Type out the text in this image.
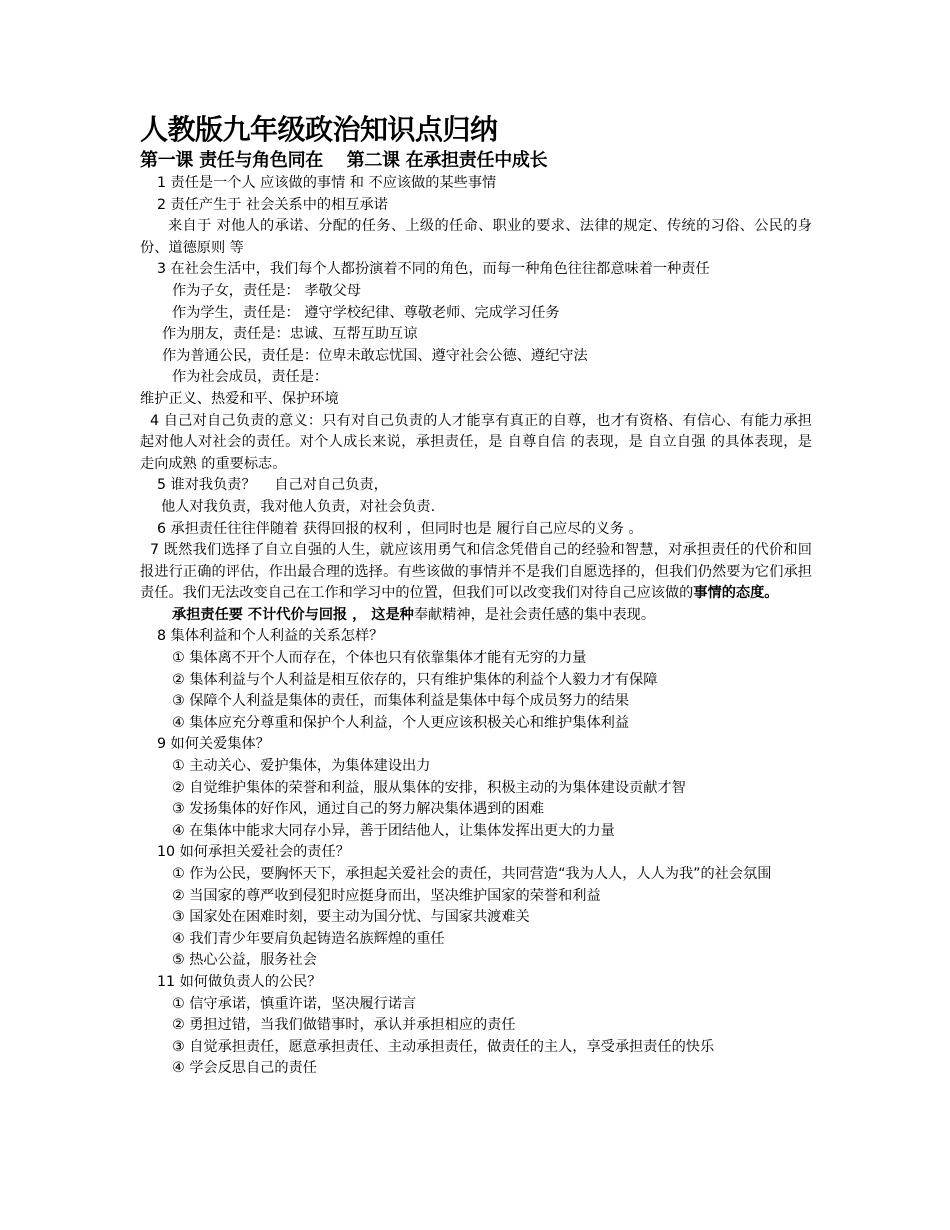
人教版九年级政治知识点归纳
第一课 责任与角色同在　 第二课 在承担责任中成长

1 责任是一个人 应该做的事情 和 不应该做的某些事情

2 责任产生于 社会关系中的相互承诺

来自于 对他人的承诺、分配的任务、上级的任命、职业的要求、法律的规定、传统的习俗、公民的身份、道德原则 等

3 在社会生活中，我们每个人都扮演着不同的角色，而每一种角色往往都意味着一种责任

作为子女，责任是： 孝敬父母

作为学生，责任是： 遵守学校纪律、尊敬老师、完成学习任务

作为朋友，责任是：忠诚、互帮互助互谅

作为普通公民，责任是：位卑未敢忘忧国、遵守社会公德、遵纪守法

作为社会成员，责任是：

维护正义、热爱和平、保护环境

4 自己对自己负责的意义：只有对自己负责的人才能享有真正的自尊，也才有资格、有信心、有能力承担起对他人对社会的责任。对个人成长来说，承担责任，是 自尊自信 的表现，是 自立自强 的具体表现，是 走向成熟 的重要标志。

5 谁对我负责？　 自己对自己负责，

他人对我负责，我对他人负责，对社会负责.

6 承担责任往往伴随着 获得回报的权利 ，但同时也是 履行自己应尽的义务 。

7 既然我们选择了自立自强的人生，就应该用勇气和信念凭借自己的经验和智慧，对承担责任的代价和回报进行正确的评估，作出最合理的选择。有些该做的事情并不是我们自愿选择的，但我们仍然要为它们承担责任。我们无法改变自己在工作和学习中的位置，但我们可以改变我们对待自己应该做的事情的态度。

承担责任要 不计代价与回报 ， 这是种奉献精神，是社会责任感的集中表现。

8 集体利益和个人利益的关系怎样？

① 集体离不开个人而存在，个体也只有依靠集体才能有无穷的力量

② 集体利益与个人利益是相互依存的，只有维护集体的利益个人毅力才有保障

③ 保障个人利益是集体的责任，而集体利益是集体中每个成员努力的结果

④ 集体应充分尊重和保护个人利益，个人更应该积极关心和维护集体利益

9 如何关爱集体？

① 主动关心、爱护集体，为集体建设出力

② 自觉维护集体的荣誉和利益，服从集体的安排，积极主动的为集体建设贡献才智

③ 发扬集体的好作风，通过自己的努力解决集体遇到的困难

④ 在集体中能求大同存小异，善于团结他人，让集体发挥出更大的力量

10 如何承担关爱社会的责任？

① 作为公民，要胸怀天下，承担起关爱社会的责任，共同营造“我为人人，人人为我”的社会氛围

② 当国家的尊严收到侵犯时应挺身而出，坚决维护国家的荣誉和利益

③ 国家处在困难时刻，要主动为国分忧、与国家共渡难关

④ 我们青少年要肩负起铸造名族辉煌的重任

⑤ 热心公益，服务社会

11 如何做负责人的公民？

① 信守承诺，慎重许诺，坚决履行诺言

② 勇担过错，当我们做错事时，承认并承担相应的责任

③ 自觉承担责任，愿意承担责任、主动承担责任，做责任的主人，享受承担责任的快乐

④ 学会反思自己的责任
